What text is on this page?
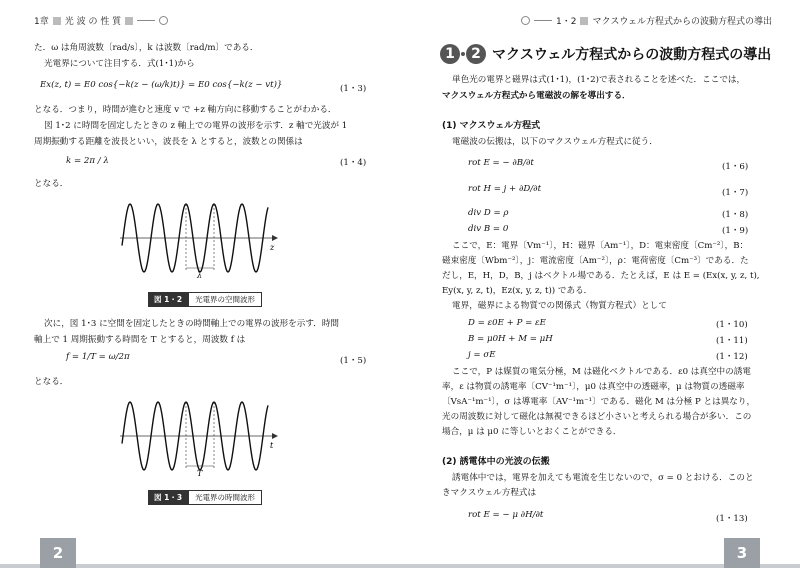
1章 光 波 の 性 質
た．ω は角周波数〔rad/s〕，k は波数〔rad/m〕である．
光電界について注目する．式(1･1)から
Ex(z, t) = E0 cos{−k(z − (ω/k)t)} = E0 cos{−k(z − vt)}	(1・3)
となる．つまり，時間が進むと速度 v で +z 軸方向に移動することがわかる．
図 1･2 に時間を固定したときの z 軸上での電界の波形を示す．z 軸で光波が 1
周期振動する距離を波長といい，波長を λ とすると，波数との関係は
k = 2π / λ	(1・4)
となる．
λ
z
図 1・2	光電界の空間波形
次に，図 1･3 に空間を固定したときの時間軸上での電界の波形を示す．時間
軸上で 1 周期振動する時間を T とすると，周波数 f は
f = 1/T = ω/2π	(1・5)
となる．
T
t
図 1・3	光電界の時間波形
2
1・2 マクスウェル方程式からの波動方程式の導出
1	2 マクスウェル方程式からの波動方程式の導出
単色光の電界と磁界は式(1･1)，(1･2)で表されることを述べた．ここでは，
マクスウェル方程式から電磁波の解を導出する．
(1) マクスウェル方程式
電磁波の伝搬は，以下のマクスウェル方程式に従う．
rot E = − ∂B/∂t	(1・6)
rot H = j + ∂D/∂t	(1・7)
div D = ρ	(1・8)
div B = 0	(1・9)
ここで，E：電界〔Vm⁻¹〕，H：磁界〔Am⁻¹〕，D：電束密度〔Cm⁻²〕，B：
磁束密度〔Wbm⁻²〕，j：電流密度〔Am⁻²〕，ρ：電荷密度〔Cm⁻³〕である．た
だし，E，H，D，B，j はベクトル場である．たとえば，E は E = (Ex(x, y, z, t),
Ey(x, y, z, t)，Ez(x, y, z, t)) である．
電界，磁界による物質での関係式（物質方程式）として
D = ε0E + P = εE	(1・10)
B = μ0H + M = μH	(1・11)
j = σE	(1・12)
ここで，P は媒質の電気分極，M は磁化ベクトルである．ε0 は真空中の誘電
率，ε は物質の誘電率〔CV⁻¹m⁻¹〕，μ0 は真空中の透磁率，μ は物質の透磁率
〔VsA⁻¹m⁻¹〕，σ は導電率〔AV⁻¹m⁻¹〕である．磁化 M は分極 P とは異なり，
光の周波数に対して磁化は無視できるほど小さいと考えられる場合が多い．この
場合，μ は μ0 に等しいとおくことができる．
(2) 誘電体中の光波の伝搬
誘電体中では，電界を加えても電流を生じないので，σ = 0 とおける．このと
きマクスウェル方程式は
rot E = − μ ∂H/∂t	(1・13)
3
